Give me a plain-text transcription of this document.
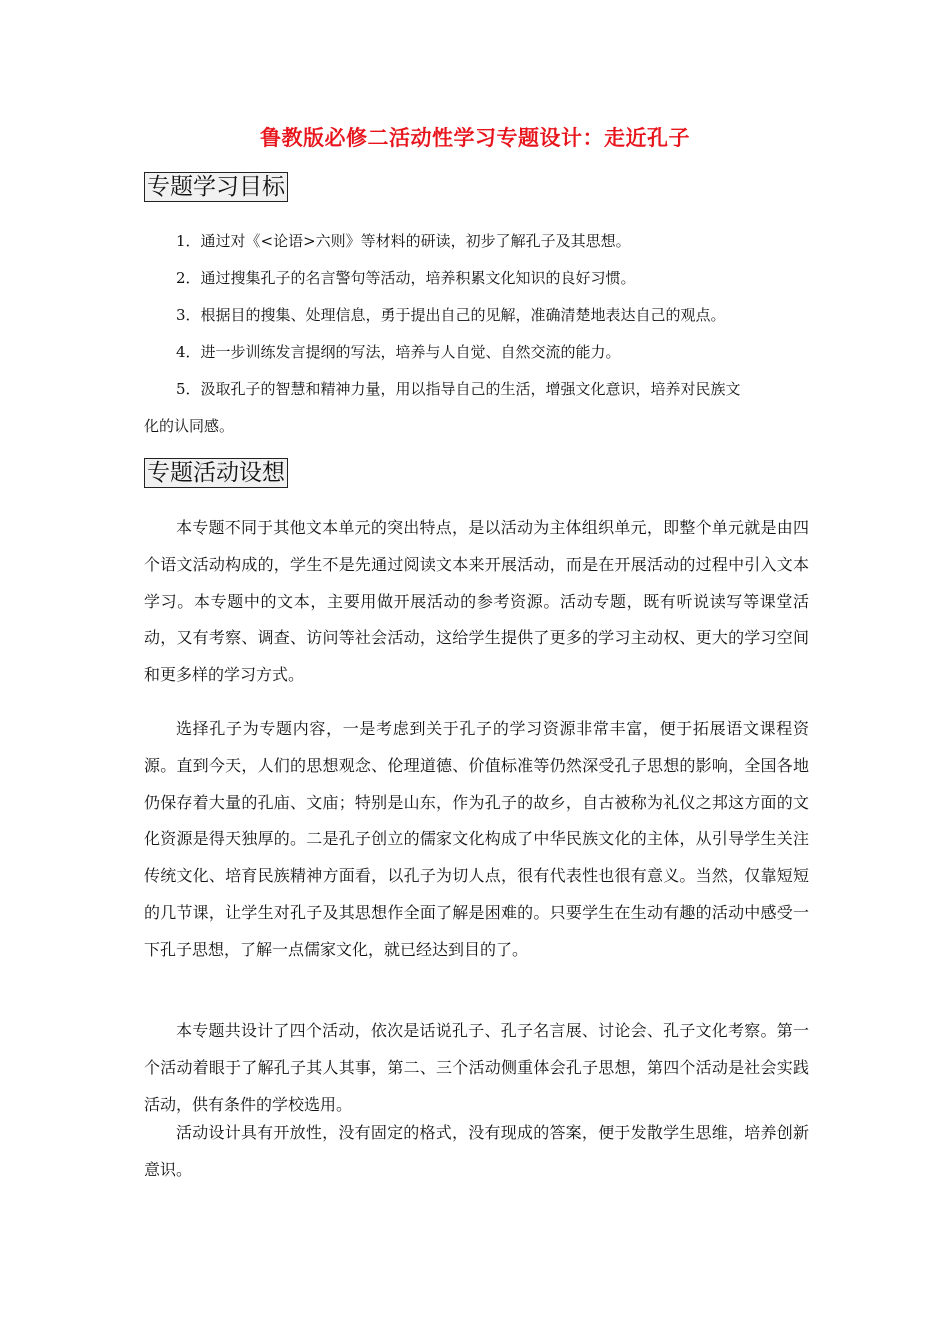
鲁教版必修二活动性学习专题设计：走近孔子
专题学习目标
1．通过对《<论语>六则》等材料的研读，初步了解孔子及其思想。
2．通过搜集孔子的名言警句等活动，培养积累文化知识的良好习惯。
3．根据目的搜集、处理信息，勇于提出自己的见解，准确清楚地表达自己的观点。
4．进一步训练发言提纲的写法，培养与人自觉、自然交流的能力。
5．汲取孔子的智慧和精神力量，用以指导自己的生活，增强文化意识，培养对民族文
化的认同感。
专题活动设想
本专题不同于其他文本单元的突出特点，是以活动为主体组织单元，即整个单元就是由四个语文活动构成的，学生不是先通过阅读文本来开展活动，而是在开展活动的过程中引入文本学习。本专题中的文本，主要用做开展活动的参考资源。活动专题，既有听说读写等课堂活动，又有考察、调查、访问等社会活动，这给学生提供了更多的学习主动权、更大的学习空间和更多样的学习方式。
选择孔子为专题内容，一是考虑到关于孔子的学习资源非常丰富，便于拓展语文课程资源。直到今天，人们的思想观念、伦理道德、价值标准等仍然深受孔子思想的影响，全国各地仍保存着大量的孔庙、文庙；特别是山东，作为孔子的故乡，自古被称为礼仪之邦这方面的文化资源是得天独厚的。二是孔子创立的儒家文化构成了中华民族文化的主体，从引导学生关注传统文化、培育民族精神方面看，以孔子为切人点，很有代表性也很有意义。当然，仅靠短短的几节课，让学生对孔子及其思想作全面了解是困难的。只要学生在生动有趣的活动中感受一下孔子思想，了解一点儒家文化，就已经达到目的了。
本专题共设计了四个活动，依次是话说孔子、孔子名言展、讨论会、孔子文化考察。第一个活动着眼于了解孔子其人其事，第二、三个活动侧重体会孔子思想，第四个活动是社会实践活动，供有条件的学校选用。
活动设计具有开放性，没有固定的格式，没有现成的答案，便于发散学生思维，培养创新意识。
